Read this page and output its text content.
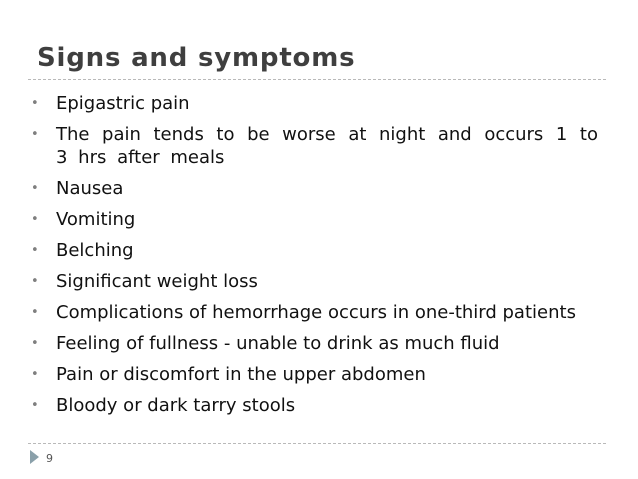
Signs and symptoms
• Epigastric pain
• The pain tends to be worse at night and occurs 1 to 3 hrs after meals
• Nausea
• Vomiting
• Belching
• Significant weight loss
• Complications of hemorrhage occurs in one-third patients
• Feeling of fullness - unable to drink as much fluid
• Pain or discomfort in the upper abdomen
• Bloody or dark tarry stools
9
